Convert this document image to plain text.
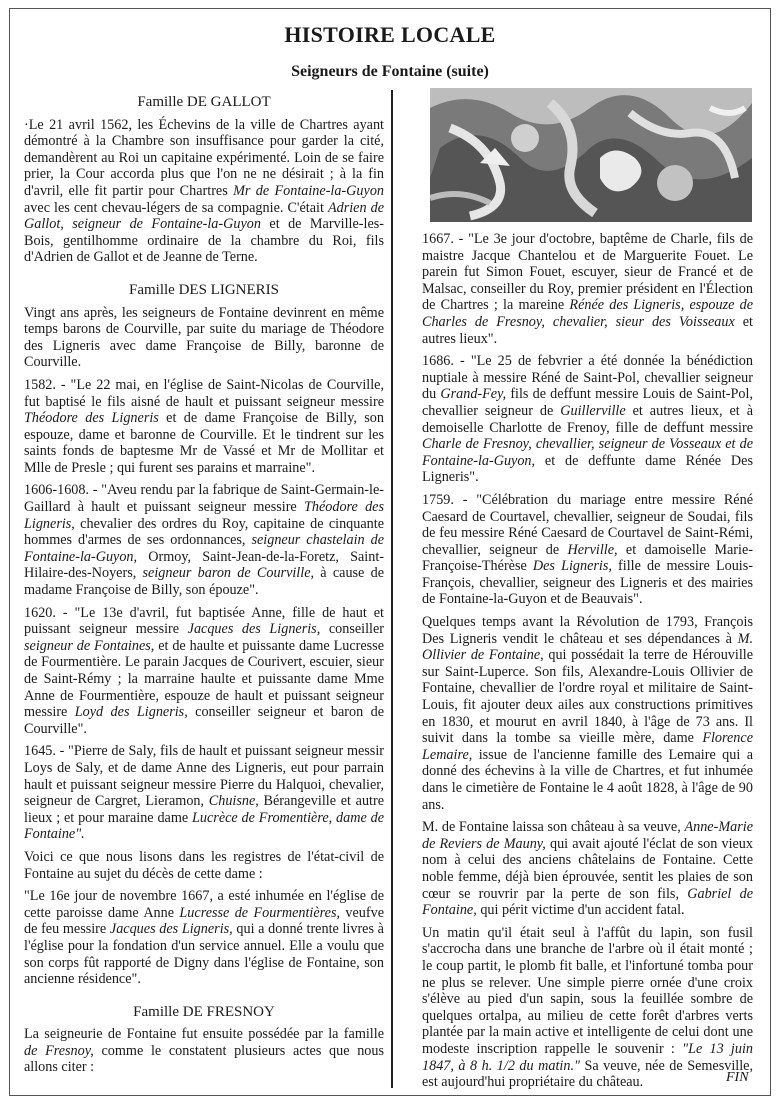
HISTOIRE LOCALE
Seigneurs de Fontaine (suite)
Famille DE GALLOT
·Le 21 avril 1562, les Échevins de la ville de Chartres ayant démontré à la Chambre son insuffisance pour garder la cité, demandèrent au Roi un capitaine expérimenté. Loin de se faire prier, la Cour accorda plus que l'on ne ne désirait ; à la fin d'avril, elle fit partir pour Chartres Mr de Fontaine-la-Guyon avec les cent chevau-légers de sa compagnie. C'était Adrien de Gallot, seigneur de Fontaine-la-Guyon et de Marville-les-Bois, gentilhomme ordinaire de la chambre du Roi, fils d'Adrien de Gallot et de Jeanne de Terne.
Famille DES LIGNERIS
Vingt ans après, les seigneurs de Fontaine devinrent en même temps barons de Courville, par suite du mariage de Théodore des Ligneris avec dame Françoise de Billy, baronne de Courville.
1582. - "Le 22 mai, en l'église de Saint-Nicolas de Courville, fut baptisé le fils aisné de hault et puissant seigneur messire Théodore des Ligneris et de dame Françoise de Billy, son espouze, dame et baronne de Courville. Et le tindrent sur les saints fonds de baptesme Mr de Vassé et Mr de Mollitar et Mlle de Presle ; qui furent ses parains et marraine".
1606-1608. - "Aveu rendu par la fabrique de Saint-Germain-le-Gaillard à hault et puissant seigneur messire Théodore des Ligneris, chevalier des ordres du Roy, capitaine de cinquante hommes d'armes de ses ordonnances, seigneur chastelain de Fontaine-la-Guyon, Ormoy, Saint-Jean-de-la-Foretz, Saint-Hilaire-des-Noyers, seigneur baron de Courville, à cause de madame Françoise de Billy, son épouze".
1620. - "Le 13e d'avril, fut baptisée Anne, fille de haut et puissant seigneur messire Jacques des Ligneris, conseiller seigneur de Fontaines, et de haulte et puissante dame Lucresse de Fourmentière. Le parain Jacques de Courivert, escuier, sieur de Saint-Rémy ; la marraine haulte et puissante dame Mme Anne de Fourmentière, espouze de hault et puissant seigneur messire Loyd des Ligneris, conseiller seigneur et baron de Courville".
1645. - "Pierre de Saly, fils de hault et puissant seigneur messir Loys de Saly, et de dame Anne des Ligneris, eut pour parrain hault et puissant seigneur messire Pierre du Halquoi, chevalier, seigneur de Cargret, Lieramon, Chuisne, Bérangeville et autre lieux ; et pour maraine dame Lucrèce de Fromentière, dame de Fontaine".
Voici ce que nous lisons dans les registres de l'état-civil de Fontaine au sujet du décès de cette dame :
"Le 16e jour de novembre 1667, a esté inhumée en l'église de cette paroisse dame Anne Lucresse de Fourmentières, veufve de feu messire Jacques des Ligneris, qui a donné trente livres à l'église pour la fondation d'un service annuel. Elle a voulu que son corps fût rapporté de Digny dans l'église de Fontaine, son ancienne résidence".
Famille DE FRESNOY
La seigneurie de Fontaine fut ensuite possédée par la famille de Fresnoy, comme le constatent plusieurs actes que nous allons citer :
1667. - "Le 3e jour d'octobre, baptême de Charle, fils de maistre Jacque Chantelou et de Marguerite Fouet. Le parein fut Simon Fouet, escuyer, sieur de Francé et de Malsac, conseiller du Roy, premier président en l'Élection de Chartres ; la mareine Rénée des Ligneris, espouze de Charles de Fresnoy, chevalier, sieur des Voisseaux et autres lieux".
1686. - "Le 25 de febvrier a été donnée la bénédiction nuptiale à messire Réné de Saint-Pol, chevallier seigneur du Grand-Fey, fils de deffunt messire Louis de Saint-Pol, chevallier seigneur de Guillerville et autres lieux, et à demoiselle Charlotte de Frenoy, fille de deffunt messire Charle de Fresnoy, chevallier, seigneur de Vosseaux et de Fontaine-la-Guyon, et de deffunte dame Rénée Des Ligneris".
1759. - "Célébration du mariage entre messire Réné Caesard de Courtavel, chevallier, seigneur de Soudai, fils de feu messire Réné Caesard de Courtavel de Saint-Rémi, chevallier, seigneur de Herville, et damoiselle Marie-Françoise-Thérèse Des Ligneris, fille de messire Louis-François, chevallier, seigneur des Ligneris et des mairies de Fontaine-la-Guyon et de Beauvais".
Quelques temps avant la Révolution de 1793, François Des Ligneris vendit le château et ses dépendances à M. Ollivier de Fontaine, qui possédait la terre de Hérouville sur Saint-Luperce. Son fils, Alexandre-Louis Ollivier de Fontaine, chevallier de l'ordre royal et militaire de Saint-Louis, fit ajouter deux ailes aux constructions primitives en 1830, et mourut en avril 1840, à l'âge de 73 ans. Il suivit dans la tombe sa vieille mère, dame Florence Lemaire, issue de l'ancienne famille des Lemaire qui a donné des échevins à la ville de Chartres, et fut inhumée dans le cimetière de Fontaine le 4 août 1828, à l'âge de 90 ans.
M. de Fontaine laissa son château à sa veuve, Anne-Marie de Reviers de Mauny, qui avait ajouté l'éclat de son vieux nom à celui des anciens châtelains de Fontaine. Cette noble femme, déjà bien éprouvée, sentit les plaies de son cœur se rouvrir par la perte de son fils, Gabriel de Fontaine, qui périt victime d'un accident fatal.
Un matin qu'il était seul à l'affût du lapin, son fusil s'accrocha dans une branche de l'arbre où il était monté ; le coup partit, le plomb fit balle, et l'infortuné tomba pour ne plus se relever. Une simple pierre ornée d'une croix s'élève au pied d'un sapin, sous la feuillée sombre de quelques ortalpa, au milieu de cette forêt d'arbres verts plantée par la main active et intelligente de celui dont une modeste inscription rappelle le souvenir : "Le 13 juin 1847, à 8 h. 1/2 du matin." Sa veuve, née de Semesville, est aujourd'hui propriétaire du château.	FIN
